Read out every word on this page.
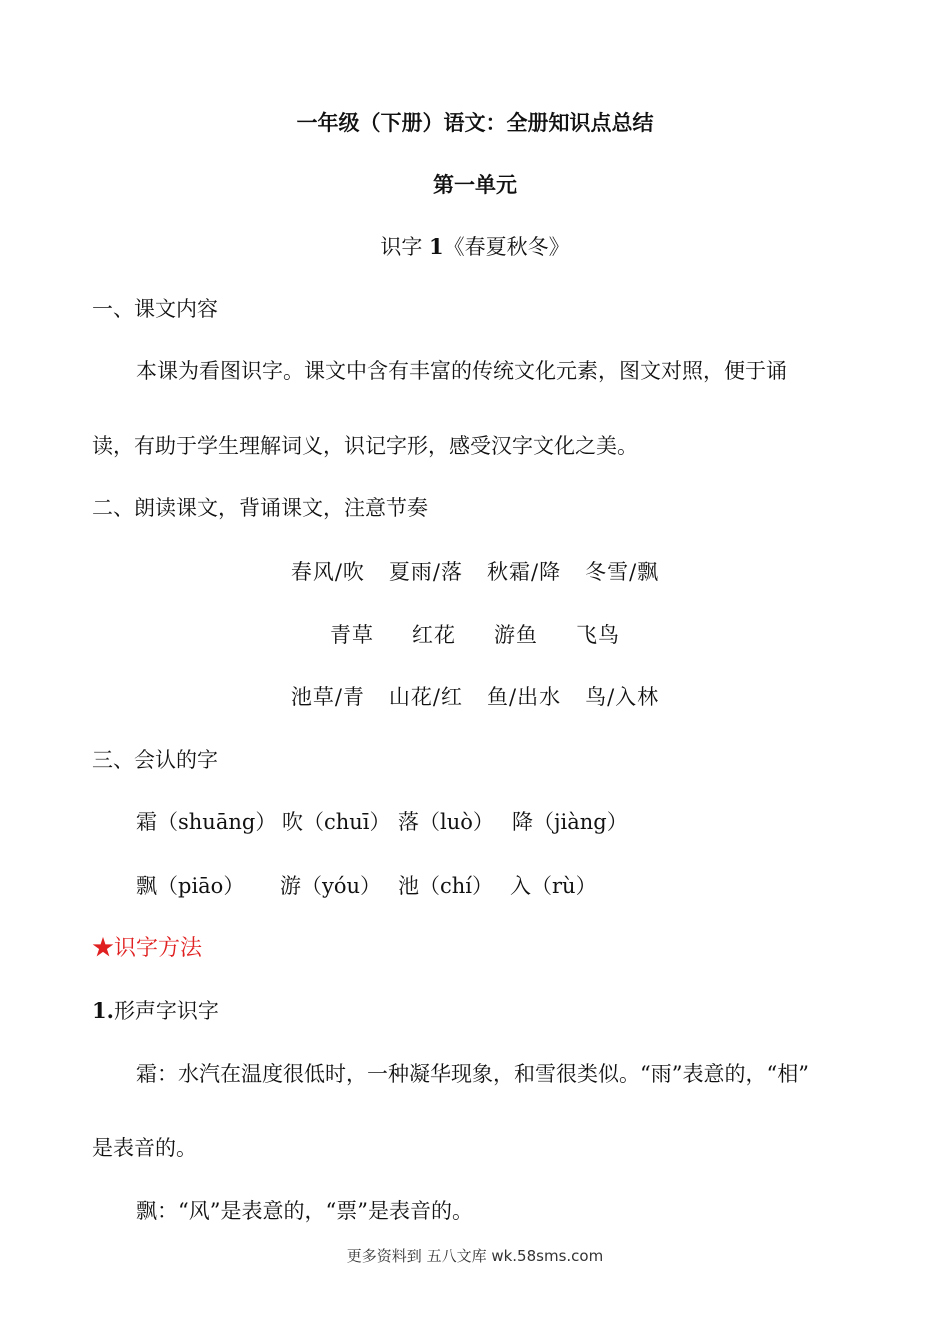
一年级（下册）语文：全册知识点总结
第一单元
识字 1《春夏秋冬》
一、课文内容
本课为看图识字。课文中含有丰富的传统文化元素，图文对照，便于诵
读，有助于学生理解词义，识记字形，感受汉字文化之美。
二、朗读课文，背诵课文，注意节奏
春风/吹 夏雨/落 秋霜/降 冬雪/飘
青草 红花 游鱼 飞鸟
池草/青 山花/红 鱼/出水 鸟/入林
三、会认的字
霜（shuāng） 吹（chuī） 落（luò） 降（jiàng）
飘（piāo） 游（yóu） 池（chí） 入（rù）
★识字方法
1.形声字识字
霜：水汽在温度很低时，一种凝华现象，和雪很类似。“雨”表意的，“相”
是表音的。
飘：“风”是表意的，“票”是表音的。
更多资料到 五八文库 wk.58sms.com
